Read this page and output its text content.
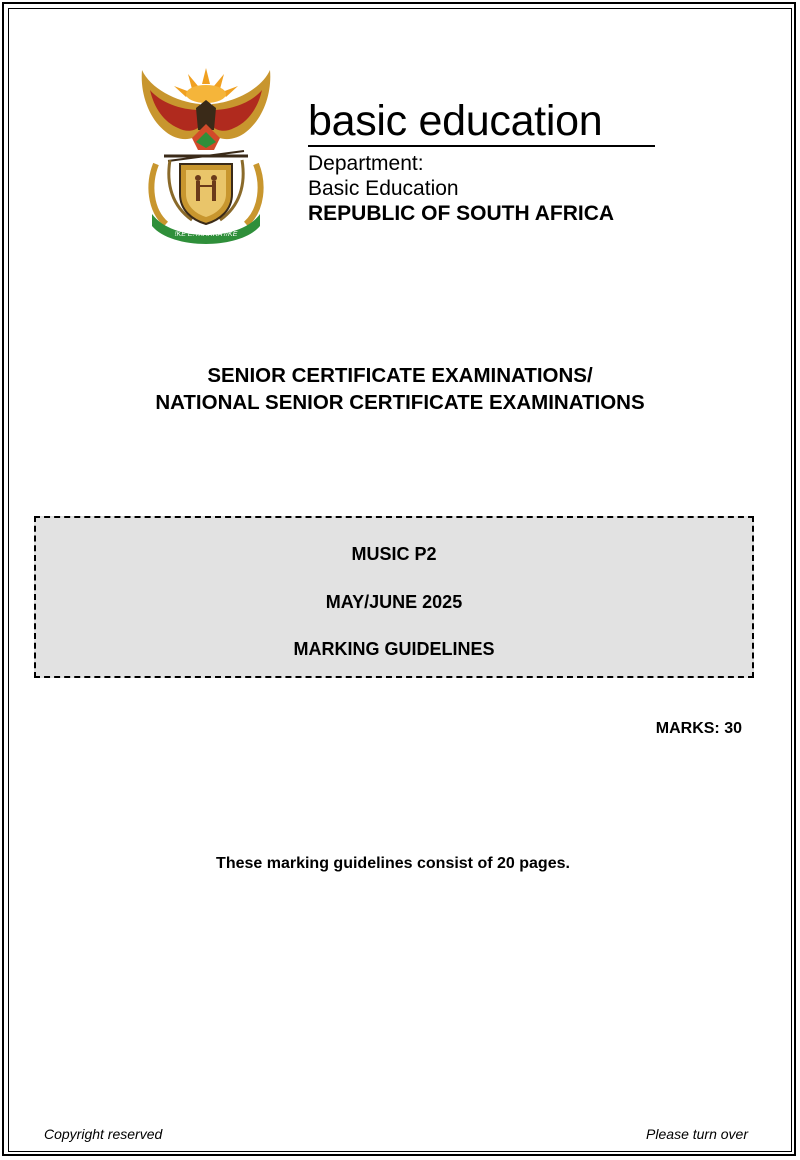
!KE E: /XARRA //KE
basic education
Department:
Basic Education
REPUBLIC OF SOUTH AFRICA
SENIOR CERTIFICATE EXAMINATIONS/
NATIONAL SENIOR CERTIFICATE EXAMINATIONS
MUSIC P2
MAY/JUNE 2025
MARKING GUIDELINES
MARKS: 30
These marking guidelines consist of 20 pages.
Copyright reserved	Please turn over
